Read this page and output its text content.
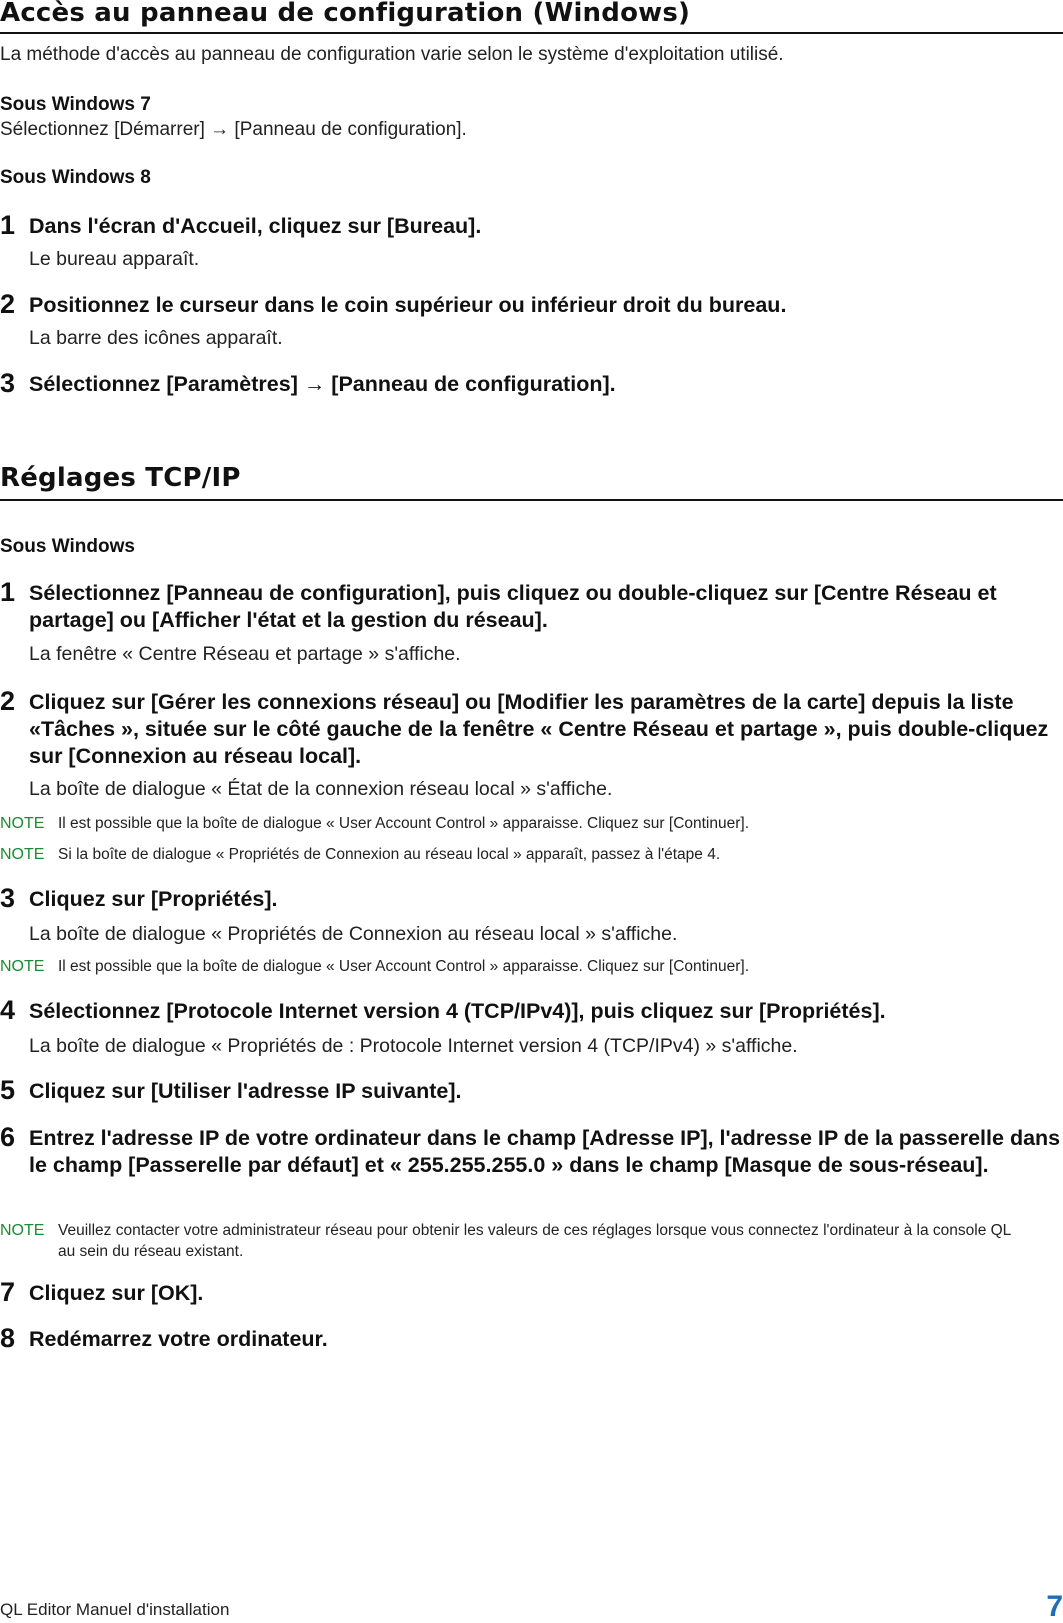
Accès au panneau de configuration (Windows)
La méthode d'accès au panneau de configuration varie selon le système d'exploitation utilisé.
Sous Windows 7
Sélectionnez [Démarrer] → [Panneau de configuration].
Sous Windows 8
1 Dans l'écran d'Accueil, cliquez sur [Bureau].
Le bureau apparaît.
2 Positionnez le curseur dans le coin supérieur ou inférieur droit du bureau.
La barre des icônes apparaît.
3 Sélectionnez [Paramètres] → [Panneau de configuration].
Réglages TCP/IP
Sous Windows
1 Sélectionnez [Panneau de configuration], puis cliquez ou double-cliquez sur [Centre Réseau et partage] ou [Afficher l'état et la gestion du réseau].
La fenêtre « Centre Réseau et partage » s'affiche.
2 Cliquez sur [Gérer les connexions réseau] ou [Modifier les paramètres de la carte] depuis la liste «Tâches », située sur le côté gauche de la fenêtre « Centre Réseau et partage », puis double-cliquez sur [Connexion au réseau local].
La boîte de dialogue « État de la connexion réseau local » s'affiche.
NOTE Il est possible que la boîte de dialogue « User Account Control » apparaisse. Cliquez sur [Continuer].
NOTE Si la boîte de dialogue « Propriétés de Connexion au réseau local » apparaît, passez à l'étape 4.
3 Cliquez sur [Propriétés].
La boîte de dialogue « Propriétés de Connexion au réseau local » s'affiche.
NOTE Il est possible que la boîte de dialogue « User Account Control » apparaisse. Cliquez sur [Continuer].
4 Sélectionnez [Protocole Internet version 4 (TCP/IPv4)], puis cliquez sur [Propriétés].
La boîte de dialogue « Propriétés de : Protocole Internet version 4 (TCP/IPv4) » s'affiche.
5 Cliquez sur [Utiliser l'adresse IP suivante].
6 Entrez l'adresse IP de votre ordinateur dans le champ [Adresse IP], l'adresse IP de la passerelle dans le champ [Passerelle par défaut] et « 255.255.255.0 » dans le champ [Masque de sous-réseau].
NOTE Veuillez contacter votre administrateur réseau pour obtenir les valeurs de ces réglages lorsque vous connectez l'ordinateur à la console QL au sein du réseau existant.
7 Cliquez sur [OK].
8 Redémarrez votre ordinateur.
QL Editor Manuel d'installation	7
